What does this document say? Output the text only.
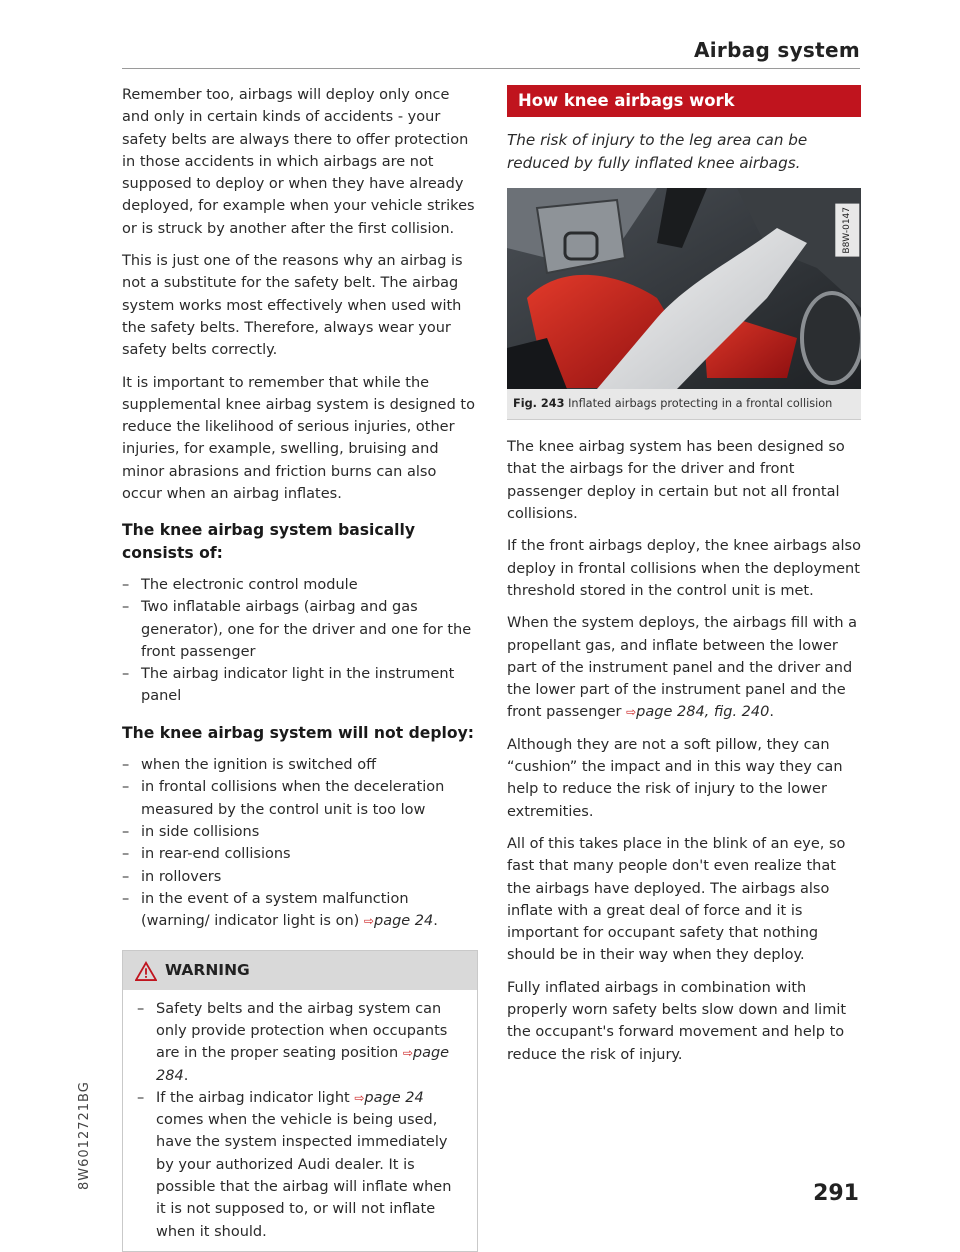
Airbag system
8W6012721BG
291

Remember too, airbags will deploy only once and only in certain kinds of accidents - your safety belts are always there to offer protection in those accidents in which airbags are not supposed to deploy or when they have already deployed, for example when your vehicle strikes or is struck by another after the first collision.

This is just one of the reasons why an airbag is not a substitute for the safety belt. The airbag system works most effectively when used with the safety belts. Therefore, always wear your safety belts correctly.

It is important to remember that while the supplemental knee airbag system is designed to reduce the likelihood of serious injuries, other injuries, for example, swelling, bruising and minor abrasions and friction burns can also occur when an airbag inflates.

The knee airbag system basically consists of:
– The electronic control module
– Two inflatable airbags (airbag and gas generator), one for the driver and one for the front passenger
– The airbag indicator light in the instrument panel
The knee airbag system will not deploy:
– when the ignition is switched off
– in frontal collisions when the deceleration measured by the control unit is too low
– in side collisions
– in rear-end collisions
– in rollovers
– in the event of a system malfunction (warning/ indicator light is on) ⇨page 24.
WARNING
– Safety belts and the airbag system can only provide protection when occupants are in the proper seating position ⇨page 284.
– If the airbag indicator light ⇨page 24 comes when the vehicle is being used, have the system inspected immediately by your authorized Audi dealer. It is possible that the airbag will inflate when it is not supposed to, or will not inflate when it should.
How knee airbags work

The risk of injury to the leg area can be reduced by fully inflated knee airbags.

B8W-0147
Fig. 243 Inflated airbags protecting in a frontal collision

The knee airbag system has been designed so that the airbags for the driver and front passenger deploy in certain but not all frontal collisions.

If the front airbags deploy, the knee airbags also deploy in frontal collisions when the deployment threshold stored in the control unit is met.

When the system deploys, the airbags fill with a propellant gas, and inflate between the lower part of the instrument panel and the driver and the lower part of the instrument panel and the front passenger ⇨page 284, fig. 240.

Although they are not a soft pillow, they can “cushion” the impact and in this way they can help to reduce the risk of injury to the lower extremities.

All of this takes place in the blink of an eye, so fast that many people don't even realize that the airbags have deployed. The airbags also inflate with a great deal of force and it is important for occupant safety that nothing should be in their way when they deploy.

Fully inflated airbags in combination with properly worn safety belts slow down and limit the occupant's forward movement and help to reduce the risk of injury.
